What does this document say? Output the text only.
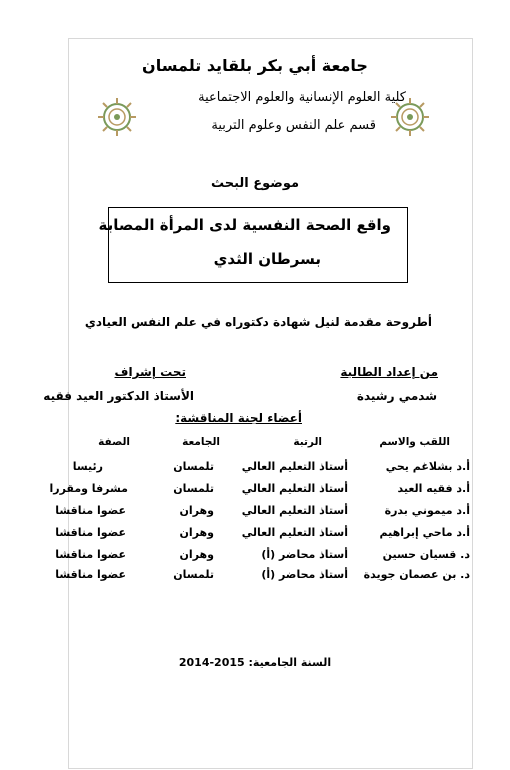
جامعة أبي بكر بلقايد تلمسان
كلية العلوم الإنسانية والعلوم الاجتماعية
قسم علم النفس وعلوم التربية
موضوع البحث
واقع الصحة النفسية لدى المرأة المصابة
بسرطان الثدي
أطروحة مقدمة لنيل شهادة دكتوراه في علم النفس العيادي
من إعداد الطالبة
تحت إشراف
شدمي رشيدة
الأستاذ الدكتور العيد فقيه
أعضاء لجنة المناقشة:
اللقب والاسم
الرتبة
الجامعة
الصفة
أ.د بشلاغم يحي
أستاذ التعليم العالي
تلمسان
رئيسا
أ.د فقيه العيد
أستاذ التعليم العالي
تلمسان
مشرفا ومقررا
أ.د ميموني بدرة
أستاذ التعليم العالي
وهران
عضوا مناقشا
أ.د ماحي إبراهيم
أستاذ التعليم العالي
وهران
عضوا مناقشا
د. قسيان حسين
أستاذ محاضر (أ)
وهران
عضوا مناقشا
د. بن عصمان جويدة
أستاذ محاضر (أ)
تلمسان
عضوا مناقشا
السنة الجامعية: 2014-2015
